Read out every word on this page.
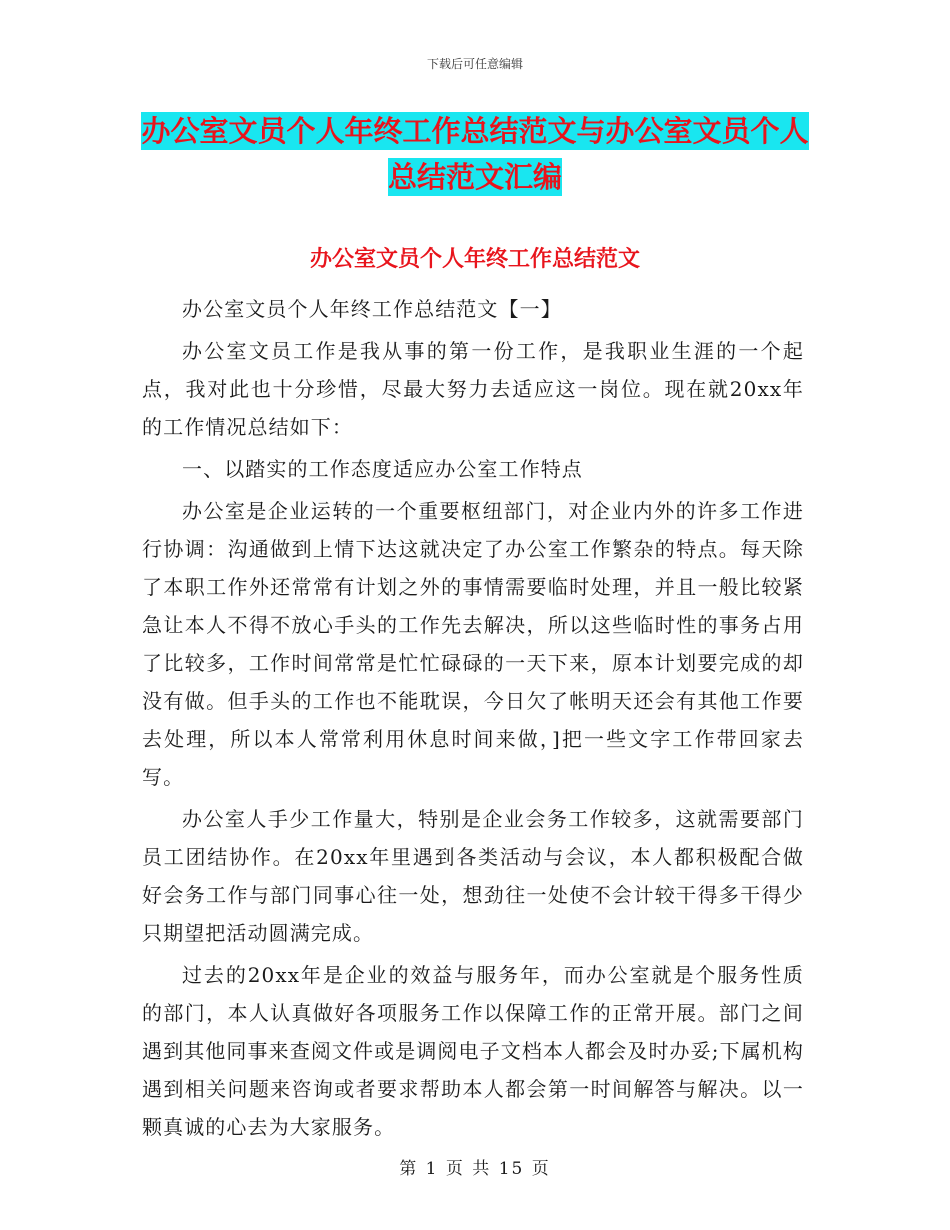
下载后可任意编辑
办公室文员个人年终工作总结范文与办公室文员个人
总结范文汇编
办公室文员个人年终工作总结范文

办公室文员个人年终工作总结范文【一】

办公室文员工作是我从事的第一份工作，是我职业生涯的一个起点，我对此也十分珍惜，尽最大努力去适应这一岗位。现在就20xx年的工作情况总结如下：

一、以踏实的工作态度适应办公室工作特点

办公室是企业运转的一个重要枢纽部门，对企业内外的许多工作进行协调：沟通做到上情下达这就决定了办公室工作繁杂的特点。每天除了本职工作外还常常有计划之外的事情需要临时处理，并且一般比较紧急让本人不得不放心手头的工作先去解决，所以这些临时性的事务占用了比较多，工作时间常常是忙忙碌碌的一天下来，原本计划要完成的却没有做。但手头的工作也不能耽误，今日欠了帐明天还会有其他工作要去处理，所以本人常常利用休息时间来做，]把一些文字工作带回家去写。

办公室人手少工作量大，特别是企业会务工作较多，这就需要部门员工团结协作。在20xx年里遇到各类活动与会议，本人都积极配合做好会务工作与部门同事心往一处，想劲往一处使不会计较干得多干得少只期望把活动圆满完成。

过去的20xx年是企业的效益与服务年，而办公室就是个服务性质的部门，本人认真做好各项服务工作以保障工作的正常开展。部门之间遇到其他同事来查阅文件或是调阅电子文档本人都会及时办妥;下属机构遇到相关问题来咨询或者要求帮助本人都会第一时间解答与解决。以一颗真诚的心去为大家服务。

第 1 页 共 15 页
